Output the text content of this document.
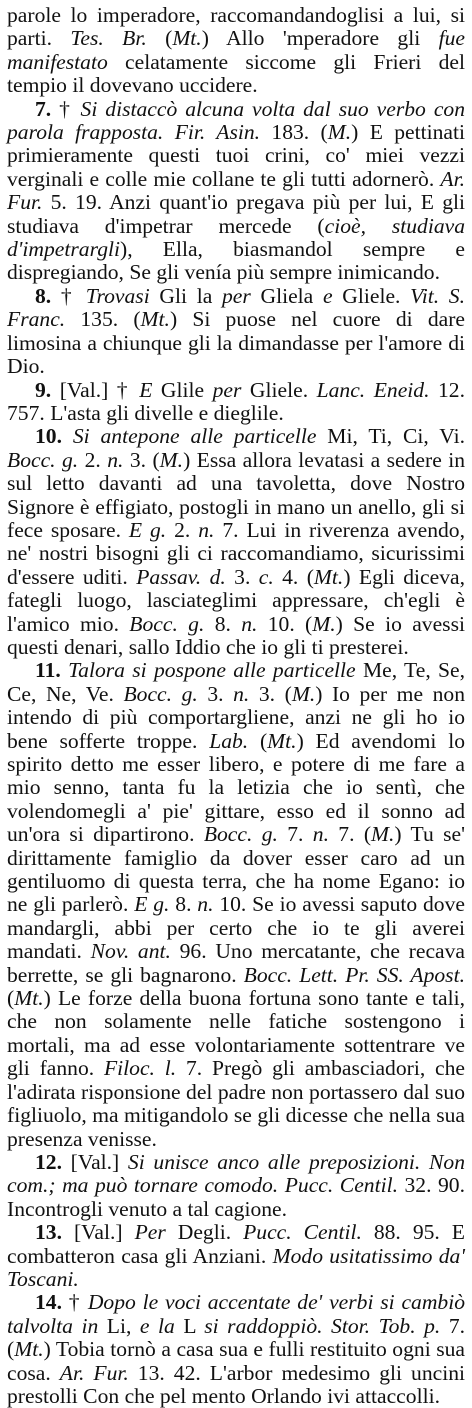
parole lo imperadore, raccomandandoglisi a lui, si parti. Tes. Br. (Mt.) Allo 'mperadore gli fue manifestato celatamente siccome gli Frieri del tempio il dovevano uccidere.

7. † Si distaccò alcuna volta dal suo verbo con parola frapposta. Fir. Asin. 183. (M.) E pettinati primieramente questi tuoi crini, co' miei vezzi verginali e colle mie collane te gli tutti adornerò. Ar. Fur. 5. 19. Anzi quant'io pregava più per lui, E gli studiava d'impetrar mercede (cioè, studiava d'impetrargli), Ella, biasmandol sempre e dispregiando, Se gli venía più sempre inimicando.

8. † Trovasi Gli la per Gliela e Gliele. Vit. S. Franc. 135. (Mt.) Si puose nel cuore di dare limosina a chiunque gli la dimandasse per l'amore di Dio.

9. [Val.] † E Glile per Gliele. Lanc. Eneid. 12. 757. L'asta gli divelle e dieglile.

10. Si antepone alle particelle Mi, Ti, Ci, Vi. Bocc. g. 2. n. 3. (M.) Essa allora levatasi a sedere in sul letto davanti ad una tavoletta, dove Nostro Signore è effigiato, postogli in mano un anello, gli si fece sposare. E g. 2. n. 7. Lui in riverenza avendo, ne' nostri bisogni gli ci raccomandiamo, sicurissimi d'essere uditi. Passav. d. 3. c. 4. (Mt.) Egli diceva, fategli luogo, lasciateglimi appressare, ch'egli è l'amico mio. Bocc. g. 8. n. 10. (M.) Se io avessi questi denari, sallo Iddio che io gli ti presterei.

11. Talora si pospone alle particelle Me, Te, Se, Ce, Ne, Ve. Bocc. g. 3. n. 3. (M.) Io per me non intendo di più comportargliene, anzi ne gli ho io bene sofferte troppe. Lab. (Mt.) Ed avendomi lo spirito detto me esser libero, e potere di me fare a mio senno, tanta fu la letizia che io sentì, che volendomegli a' pie' gittare, esso ed il sonno ad un'ora si dipartirono. Bocc. g. 7. n. 7. (M.) Tu se' dirittamente famiglio da dover esser caro ad un gentiluomo di questa terra, che ha nome Egano: io ne gli parlerò. E g. 8. n. 10. Se io avessi saputo dove mandargli, abbi per certo che io te gli averei mandati. Nov. ant. 96. Uno mercatante, che recava berrette, se gli bagnarono. Bocc. Lett. Pr. SS. Apost. (Mt.) Le forze della buona fortuna sono tante e tali, che non solamente nelle fatiche sostengono i mortali, ma ad esse volontariamente sottentrare ve gli fanno. Filoc. l. 7. Pregò gli ambasciadori, che l'adirata risponsione del padre non portassero dal suo figliuolo, ma mitigandolo se gli dicesse che nella sua presenza venisse.

12. [Val.] Si unisce anco alle preposizioni. Non com.; ma può tornare comodo. Pucc. Centil. 32. 90. Incontrogli venuto a tal cagione.

13. [Val.] Per Degli. Pucc. Centil. 88. 95. E combatteron casa gli Anziani. Modo usitatissimo da' Toscani.

14. † Dopo le voci accentate de' verbi si cambiò talvolta in Li, e la L si raddoppiò. Stor. Tob. p. 7. (Mt.) Tobia tornò a casa sua e fulli restituito ogni sua cosa. Ar. Fur. 13. 42. L'arbor medesimo gli uncini prestolli Con che pel mento Orlando ivi attaccolli.
